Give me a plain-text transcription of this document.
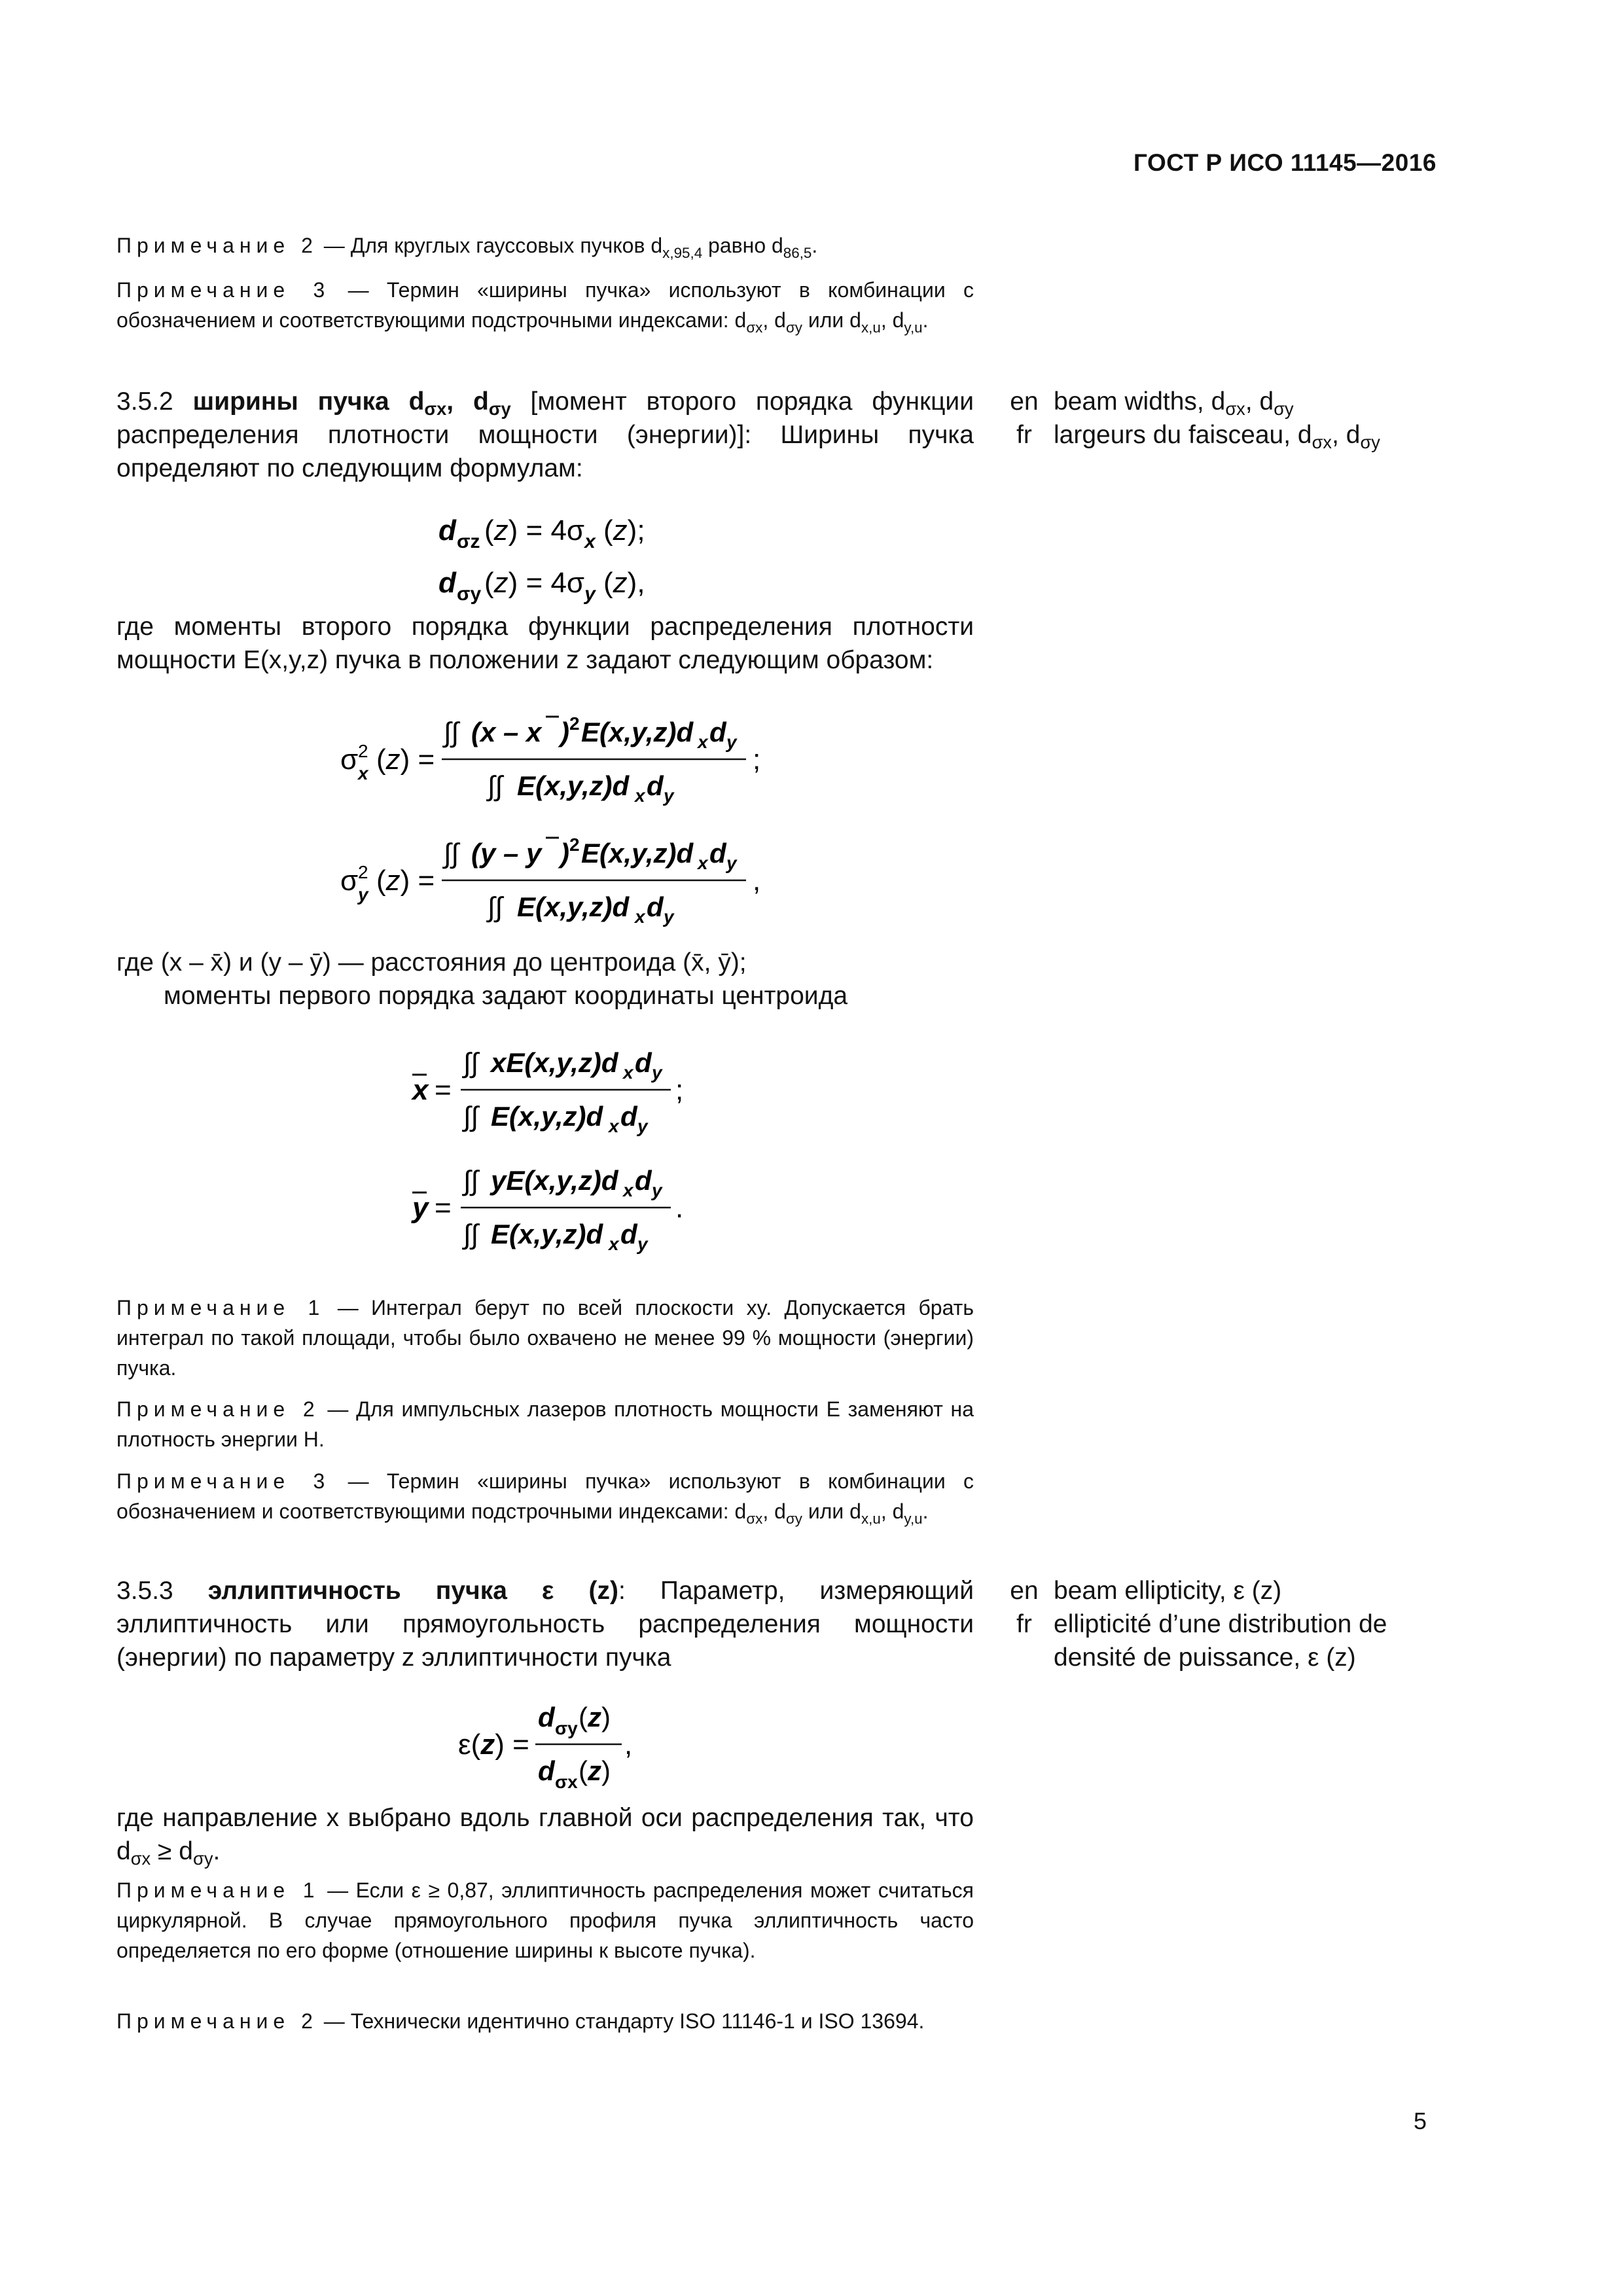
ГОСТ Р ИСО 11145—2016
Примечание 2 — Для круглых гауссовых пучков $d_{x,95,4}$ равно $d_{86,5}$.
Примечание 3 — Термин «ширины пучка» используют в комбинации с обозначением и соответствующими подстрочными индексами: $d_{\sigma x}$, $d_{\sigma y}$ или $d_{x,u}$, $d_{y,u}$.
3.5.2 ширины пучка $d_{\sigma x}$, $d_{\sigma y}$ [момент второго порядка функции распределения плотности мощности (энергии)]: Ширины пучка определяют по следующим формулам:
en
fr
beam widths, $d_{\sigma x}$, $d_{\sigma y}$
largeurs du faisceau, $d_{\sigma x}$, $d_{\sigma y}$
d σz $(z) = 4\sigma_x$ (z);
d σy $(z) = 4\sigma_y$ (z),
где моменты второго порядка функции распределения плотности мощности E(x,y,z) пучка в положении z задают следующим образом:
σ 2
x (z) =
∫∫ (x – x ) 2 E(x,y,z)d x d y
;
∫∫ E(x,y,z)d x d y
σ 2
y (z) =
∫∫ (y – y ) 2 E(x,y,z)d x d y
,
∫∫ E(x,y,z)d x d y
где (x – x̄) и (y – ȳ) — расстояния до центроида (x̄, ȳ);
моменты первого порядка задают координаты центроида
x =
∫∫ xE(x,y,z)d x d y
;
∫∫ E(x,y,z)d x d y
y =
∫∫ yE(x,y,z)d x d y
.
∫∫ E(x,y,z)d x d y
Примечание 1 — Интеграл берут по всей плоскости xy. Допускается брать интеграл по такой площади, чтобы было охвачено не менее 99 % мощности (энергии) пучка.
Примечание 2 — Для импульсных лазеров плотность мощности E заменяют на плотность энергии H.
Примечание 3 — Термин «ширины пучка» используют в комбинации с обозначением и соответствующими подстрочными индексами: $d_{\sigma x}$, $d_{\sigma y}$ или $d_{x,u}$, $d_{y,u}$.
3.5.3 эллиптичность пучка ε (z): Параметр, измеряющий эллиптичность или прямоугольность распределения мощности (энергии) по параметру z эллиптичности пучка
en
fr
beam ellipticity, ε (z)
ellipticité d’une distribution de densité de puissance, ε (z)
ε(z) =
d σy (z)
,
d σx (z)
где направление x выбрано вдоль главной оси распределения так, что $d_{\sigma x} \ge d_{\sigma y}$.
Примечание 1 — Если ε ≥ 0,87, эллиптичность распределения может считаться циркулярной. В случае прямоугольного профиля пучка эллиптичность часто определяется по его форме (отношение ширины к высоте пучка).
Примечание 2 — Технически идентично стандарту ISO 11146-1 и ISO 13694.
5
